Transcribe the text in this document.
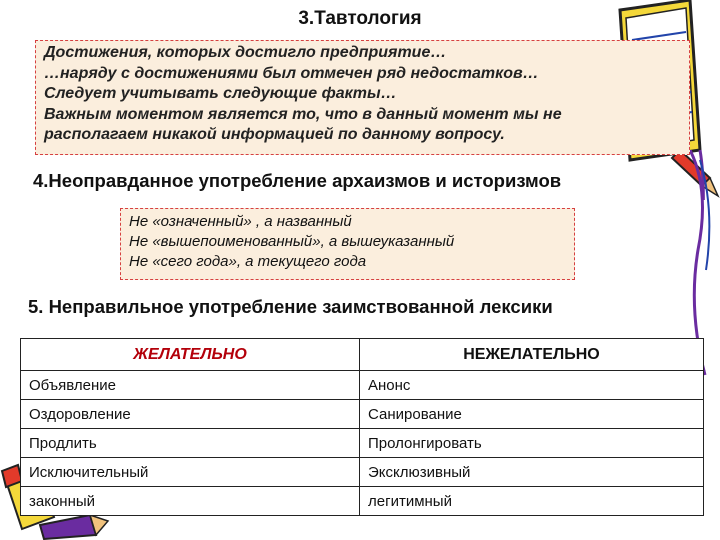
3.Тавтология
Достижения, которых достигло предприятие…
…наряду с достижениями был отмечен ряд недостатков…
Следует учитывать следующие факты…
Важным моментом является то, что в данный момент мы не
располагаем никакой информацией по данному вопросу.
4.Неоправданное употребление архаизмов и историзмов
Не «означенный» , а названный
Не «вышепоименованный», а вышеуказанный
Не «сего года», а текущего года
5. Неправильное употребление заимствованной лексики
ЖЕЛАТЕЛЬНО	НЕЖЕЛАТЕЛЬНО
Объявление	Анонс
Оздоровление	Санирование
Продлить	Пролонгировать
Исключительный	Эксклюзивный
законный	легитимный
